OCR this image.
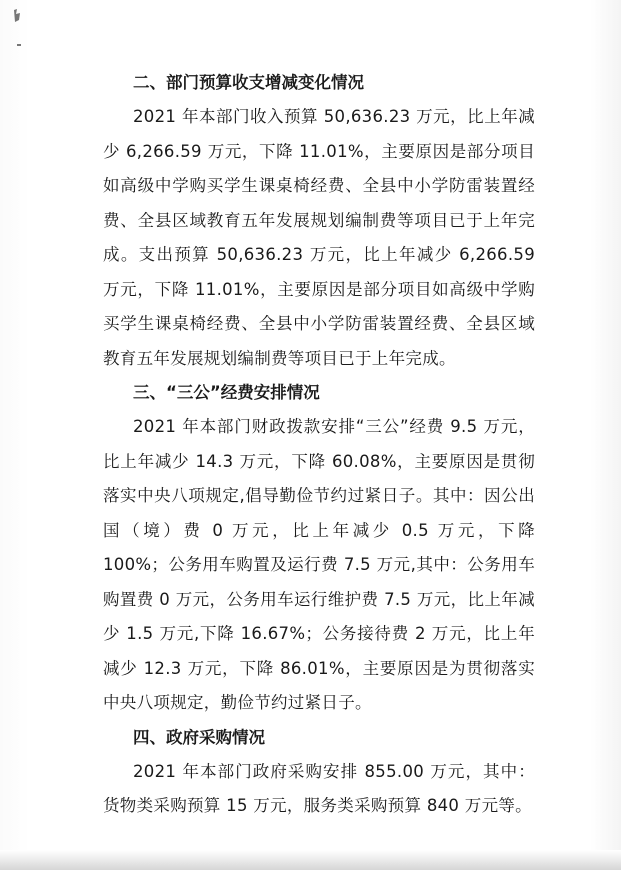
二、部门预算收支增减变化情况
2021 年本部门收入预算 50,636.23 万元，比上年减少 6,266.59 万元，下降 11.01%，主要原因是部分项目如高级中学购买学生课桌椅经费、全县中小学防雷装置经费、全县区域教育五年发展规划编制费等项目已于上年完成。支出预算 50,636.23 万元，比上年减少 6,266.59 万元，下降 11.01%，主要原因是部分项目如高级中学购买学生课桌椅经费、全县中小学防雷装置经费、全县区域教育五年发展规划编制费等项目已于上年完成。
三、“三公”经费安排情况
2021 年本部门财政拨款安排“三公”经费 9.5 万元，比上年减少 14.3 万元，下降 60.08%，主要原因是贯彻落实中央八项规定,倡导勤俭节约过紧日子。其中：因公出国（境）费 0 万元，比上年减少 0.5 万元，下降 100%；公务用车购置及运行费 7.5 万元,其中：公务用车购置费 0 万元，公务用车运行维护费 7.5 万元，比上年减少 1.5 万元,下降 16.67%；公务接待费 2 万元，比上年减少 12.3 万元，下降 86.01%，主要原因是为贯彻落实中央八项规定，勤俭节约过紧日子。
四、政府采购情况
2021 年本部门政府采购安排 855.00 万元，其中：货物类采购预算 15 万元，服务类采购预算 840 万元等。
